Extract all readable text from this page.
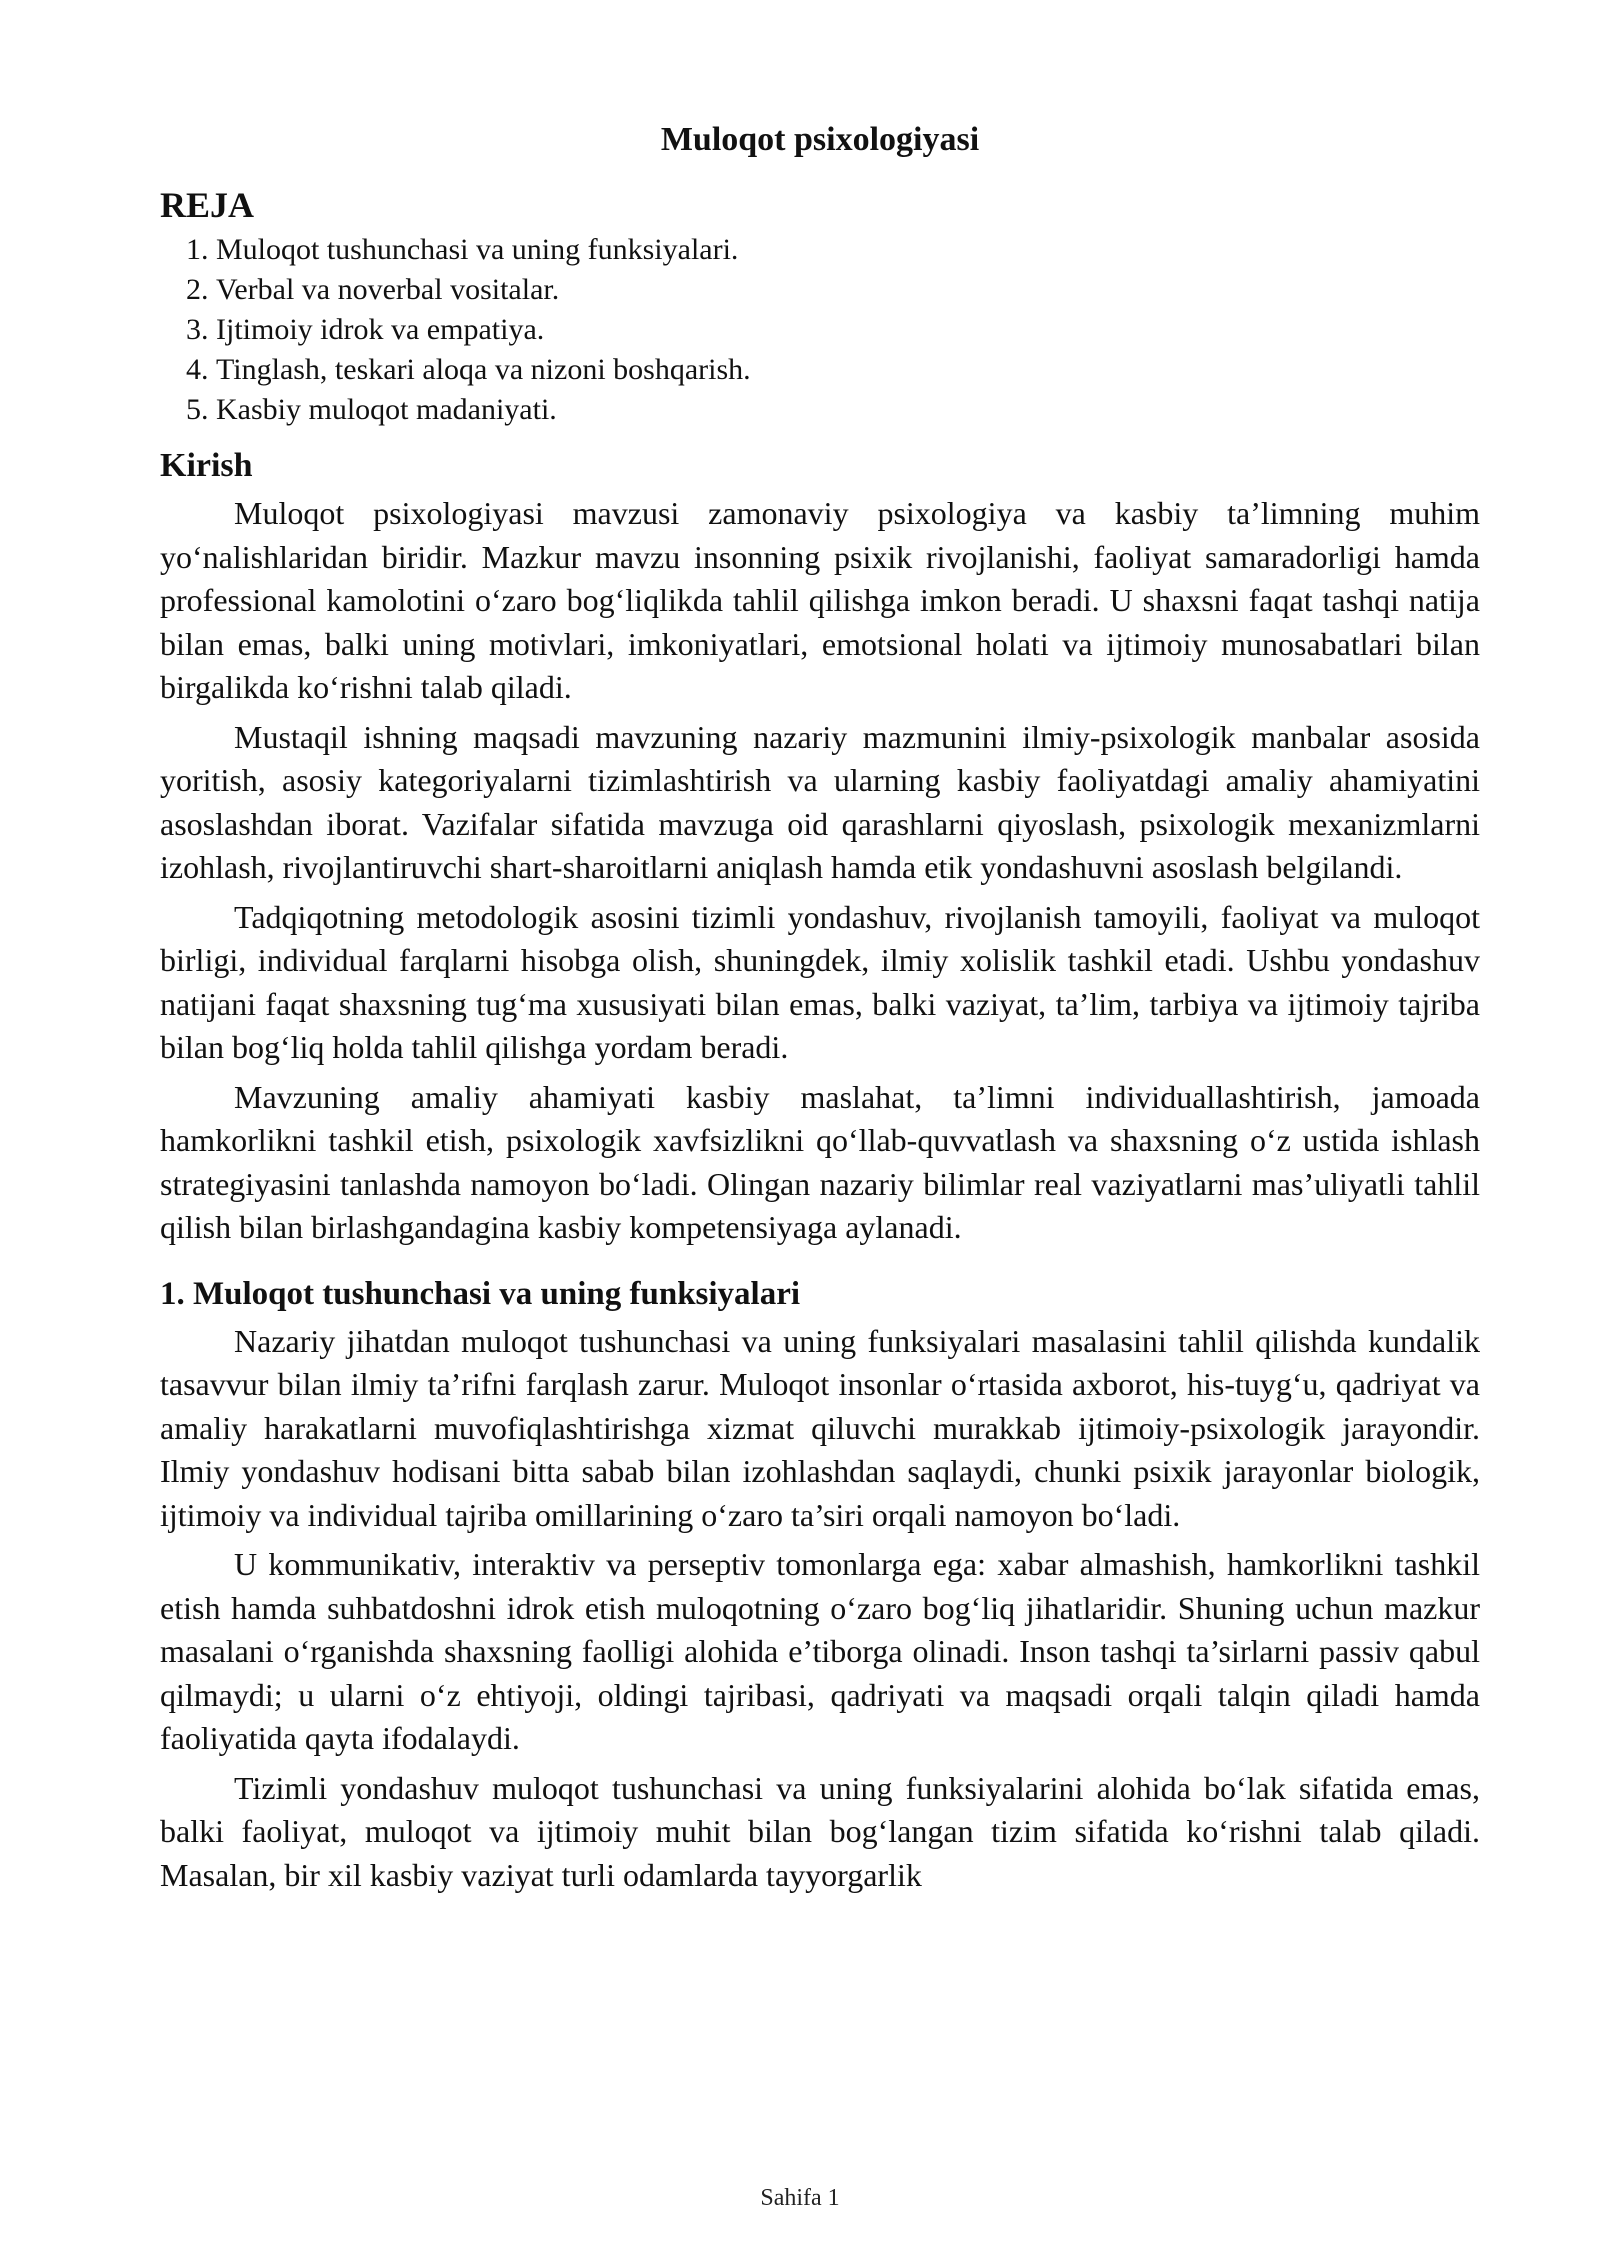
Muloqot psixologiyasi
REJA
1. Muloqot tushunchasi va uning funksiyalari.
2. Verbal va noverbal vositalar.
3. Ijtimoiy idrok va empatiya.
4. Tinglash, teskari aloqa va nizoni boshqarish.
5. Kasbiy muloqot madaniyati.
Kirish

Muloqot psixologiyasi mavzusi zamonaviy psixologiya va kasbiy ta’limning muhim yo‘nalishlaridan biridir. Mazkur mavzu insonning psixik rivojlanishi, faoliyat samaradorligi hamda professional kamolotini o‘zaro bog‘liqlikda tahlil qilishga imkon beradi. U shaxsni faqat tashqi natija bilan emas, balki uning motivlari, imkoniyatlari, emotsional holati va ijtimoiy munosabatlari bilan birgalikda ko‘rishni talab qiladi.

Mustaqil ishning maqsadi mavzuning nazariy mazmunini ilmiy-psixologik manbalar asosida yoritish, asosiy kategoriyalarni tizimlashtirish va ularning kasbiy faoliyatdagi amaliy ahamiyatini asoslashdan iborat. Vazifalar sifatida mavzuga oid qarashlarni qiyoslash, psixologik mexanizmlarni izohlash, rivojlantiruvchi shart-sharoitlarni aniqlash hamda etik yondashuvni asoslash belgilandi.

Tadqiqotning metodologik asosini tizimli yondashuv, rivojlanish tamoyili, faoliyat va muloqot birligi, individual farqlarni hisobga olish, shuningdek, ilmiy xolislik tashkil etadi. Ushbu yondashuv natijani faqat shaxsning tug‘ma xususiyati bilan emas, balki vaziyat, ta’lim, tarbiya va ijtimoiy tajriba bilan bog‘liq holda tahlil qilishga yordam beradi.

Mavzuning amaliy ahamiyati kasbiy maslahat, ta’limni individuallashtirish, jamoada hamkorlikni tashkil etish, psixologik xavfsizlikni qo‘llab-quvvatlash va shaxsning o‘z ustida ishlash strategiyasini tanlashda namoyon bo‘ladi. Olingan nazariy bilimlar real vaziyatlarni mas’uliyatli tahlil qilish bilan birlashgandagina kasbiy kompetensiyaga aylanadi.

1. Muloqot tushunchasi va uning funksiyalari

Nazariy jihatdan muloqot tushunchasi va uning funksiyalari masalasini tahlil qilishda kundalik tasavvur bilan ilmiy ta’rifni farqlash zarur. Muloqot insonlar o‘rtasida axborot, his-tuyg‘u, qadriyat va amaliy harakatlarni muvofiqlashtirishga xizmat qiluvchi murakkab ijtimoiy-psixologik jarayondir. Ilmiy yondashuv hodisani bitta sabab bilan izohlashdan saqlaydi, chunki psixik jarayonlar biologik, ijtimoiy va individual tajriba omillarining o‘zaro ta’siri orqali namoyon bo‘ladi.

U kommunikativ, interaktiv va perseptiv tomonlarga ega: xabar almashish, hamkorlikni tashkil etish hamda suhbatdoshni idrok etish muloqotning o‘zaro bog‘liq jihatlaridir. Shuning uchun mazkur masalani o‘rganishda shaxsning faolligi alohida e’tiborga olinadi. Inson tashqi ta’sirlarni passiv qabul qilmaydi; u ularni o‘z ehtiyoji, oldingi tajribasi, qadriyati va maqsadi orqali talqin qiladi hamda faoliyatida qayta ifodalaydi.

Tizimli yondashuv muloqot tushunchasi va uning funksiyalarini alohida bo‘lak sifatida emas, balki faoliyat, muloqot va ijtimoiy muhit bilan bog‘langan tizim sifatida ko‘rishni talab qiladi. Masalan, bir xil kasbiy vaziyat turli odamlarda tayyorgarlik

Sahifa 1
